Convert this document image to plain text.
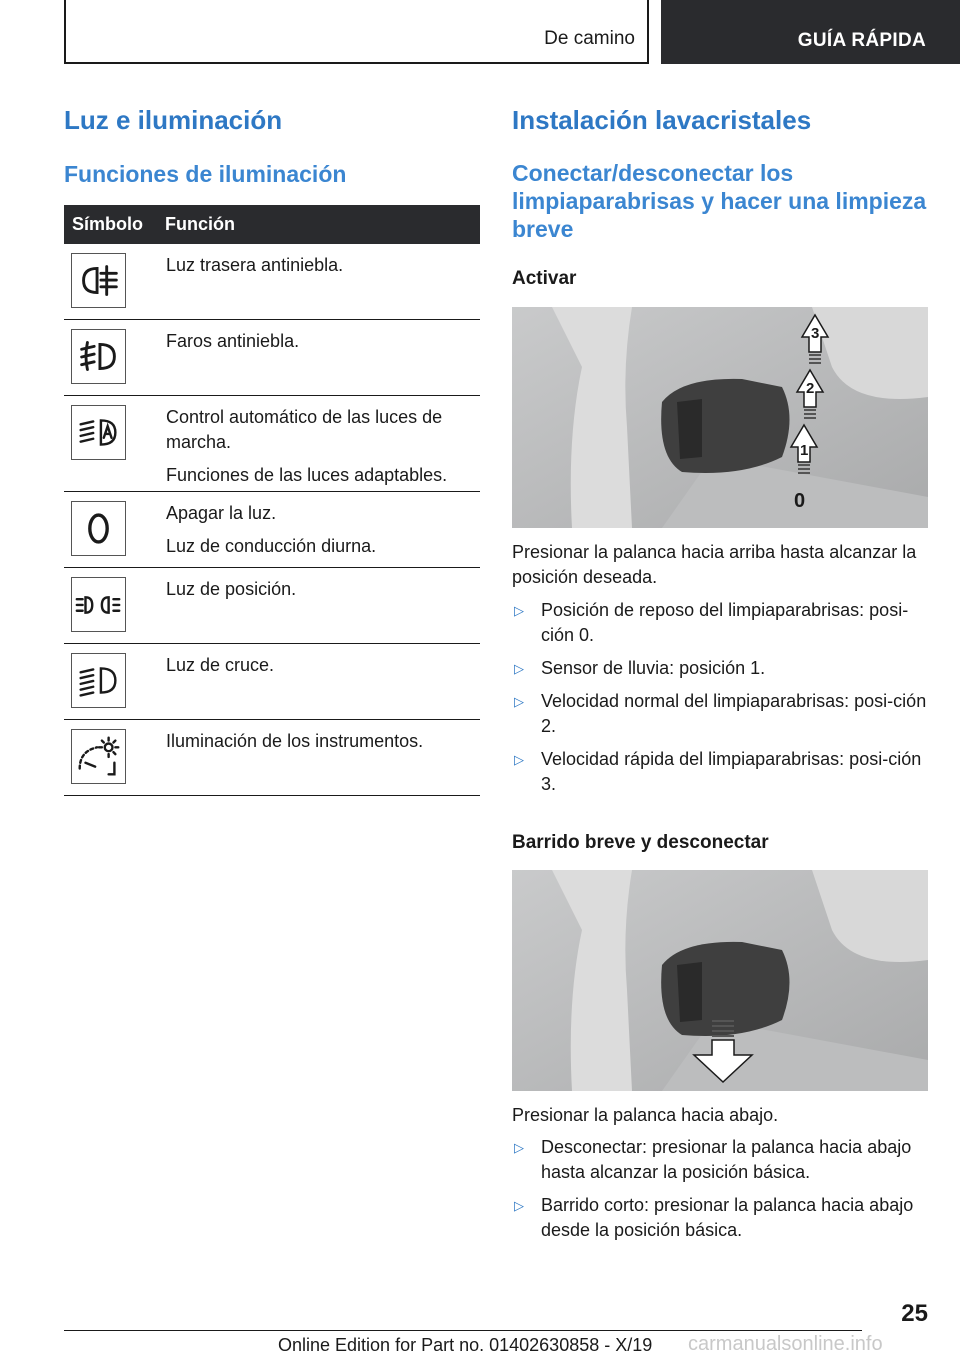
De camino	GUÍA RÁPIDA
Luz e iluminación
Funciones de iluminación
Símbolo	Función

Luz trasera antiniebla.

Faros antiniebla.

Control automático de las luces de marcha.

Funciones de las luces adaptables.

Apagar la luz.

Luz de conducción diurna.

Luz de posición.

Luz de cruce.

Iluminación de los instrumentos.

Instalación lavacristales
Conectar/desconectar los limpiaparabrisas y hacer una limpieza breve
Activar
3
2
1
0

Presionar la palanca hacia arriba hasta alcanzar la posición deseada.

▷ Posición de reposo del limpiaparabrisas: posi‐ción 0.
▷ Sensor de lluvia: posición 1.
▷ Velocidad normal del limpiaparabrisas: posi‐ción 2.
▷ Velocidad rápida del limpiaparabrisas: posi‐ción 3.
Barrido breve y desconectar

Presionar la palanca hacia abajo.

▷ Desconectar: presionar la palanca hacia abajo hasta alcanzar la posición básica.
▷ Barrido corto: presionar la palanca hacia abajo desde la posición básica.
25
Online Edition for Part no. 01402630858 - X/19 carmanualsonline.info
